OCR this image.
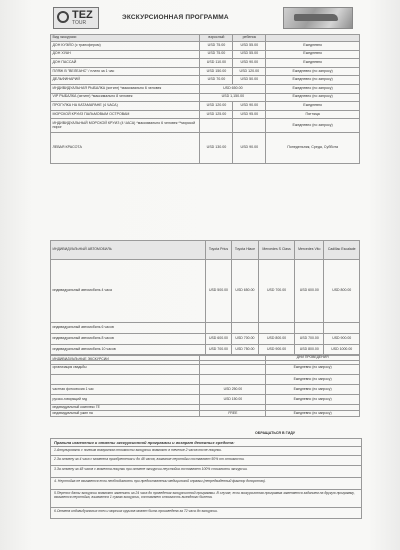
TEZ
TOUR
ЭКСКУРСИОННАЯ ПРОГРАММА
Вид экскурсии	взрослый	ребенок	
ДОН КУЭЙО (с трансфером)	USD 75.00	USD 55.00	Ежедневно
ДОН ХУАН	USD 75.00	USD 55.00	Ежедневно
ДОН ПАССАЙ	USD 110.00	USD 90.00	Ежедневно
ПЛЯЖ В "ВЕЛЕАНС" / плато за 1 час	USD 150.00	USD 120.00	Ежедневно (по запросу)
ДЕЛЬФИНАРИЙ	USD 70.00	USD 50.00	Ежедневно (по запросу)
ИНДИВИДУАЛЬНАЯ РЫБАЛКА (яхтинг) *максимально 6 человек	USD 650.00		Ежедневно (по запросу)
VIP РЫБАЛКА (яхтинг) *максимально 8 человек	USD 1,150.00		Ежедневно (по запросу)
ПРОГУЛКА НА КАТАМАРАНЕ (4 ЧАСА)	USD 120.00	USD 90.00	Ежедневно
МОРСКОЙ КРУИЗ ПАЛЬМОВЫМ ОСТРОВАМ	USD 125.00	USD 95.00	Пятница
ИНДИВИДУАЛЬНЫЙ МОРСКОЙ КРУИЗ (4 ЧАСА) *максимально 6 человек **морской пирог			Ежедневно (по запросу)
ЛЕВАЯ КРАСОТА	USD 130.00	USD 90.00	Понедельник, Среда, Суббота
ИНДИВИДУАЛЬНЫЙ АВТОМОБИЛЬ	Toyota Prius	Toyota Hiace	Mercedes S Class	Mercedes Vito	Cadillac Escalade
индивидуальный автомобиль 4 часа	USD 500.00	USD 650.00	USD 700.00	USD 600.00	USD 800.00
индивидуальный автомобиль 6 часов					
индивидуальный автомобиль 8 часов	USD 600.00	USD 700.00	USD 800.00	USD 700.00	USD 900.00
индивидуальный автомобиль 10 часов	USD 700.00	USD 750.00	USD 900.00	USD 800.00	USD 1000.00
ИНДИВИДУАЛЬНЫЕ ЭКСКУРСИИ					
		ДНИ ПРОВЕДЕНИЯ
организация свадьбы		Ежедневно (по запросу)
		Ежедневно (по запросу)
частная фотосессия 1 час	USD 250.00	Ежедневно (по запросу)
русско-говорящий гид	USD 150.00	Ежедневно (по запросу)
индивидуальный комплекс ГЕ		
индивидуальный ужин на	FREE	Ежедневно (по запросу)
Правила изменения и отмены экскурсионной программы и возврат денежных средств:
1.Аннулировать с полным возвратом стоимости экскурсии возможно в течение 2 часов после покупки.
2.За отмену за 4 часа с момента приобретения и до 48 часов, взимание неустойки составляет 50% от стоимости.
3.За отмену за 48 часов с момента покупки при отмене экскурсии неустойка составляет 100% стоимости экскурсии.
4. Неустойка не взимается если необходимость при предоставлении медицинской справки (непредвиденный фактор донорства).
5.Перенос даты экскурсии возможно заменить за 24 часа до проведения экскурсионной программы. В случае, если экскурсионная программа заменяется заданием на другую программу, взимается неустойка, взимается 1 сумма экскурсии, составляет стоимость выездного билета.
6.Отмена индивидуальных поез и морских круизов может быть произведена за 72 часа до экскурсии.
ОБРАЩАТЬСЯ В ГИДУ
